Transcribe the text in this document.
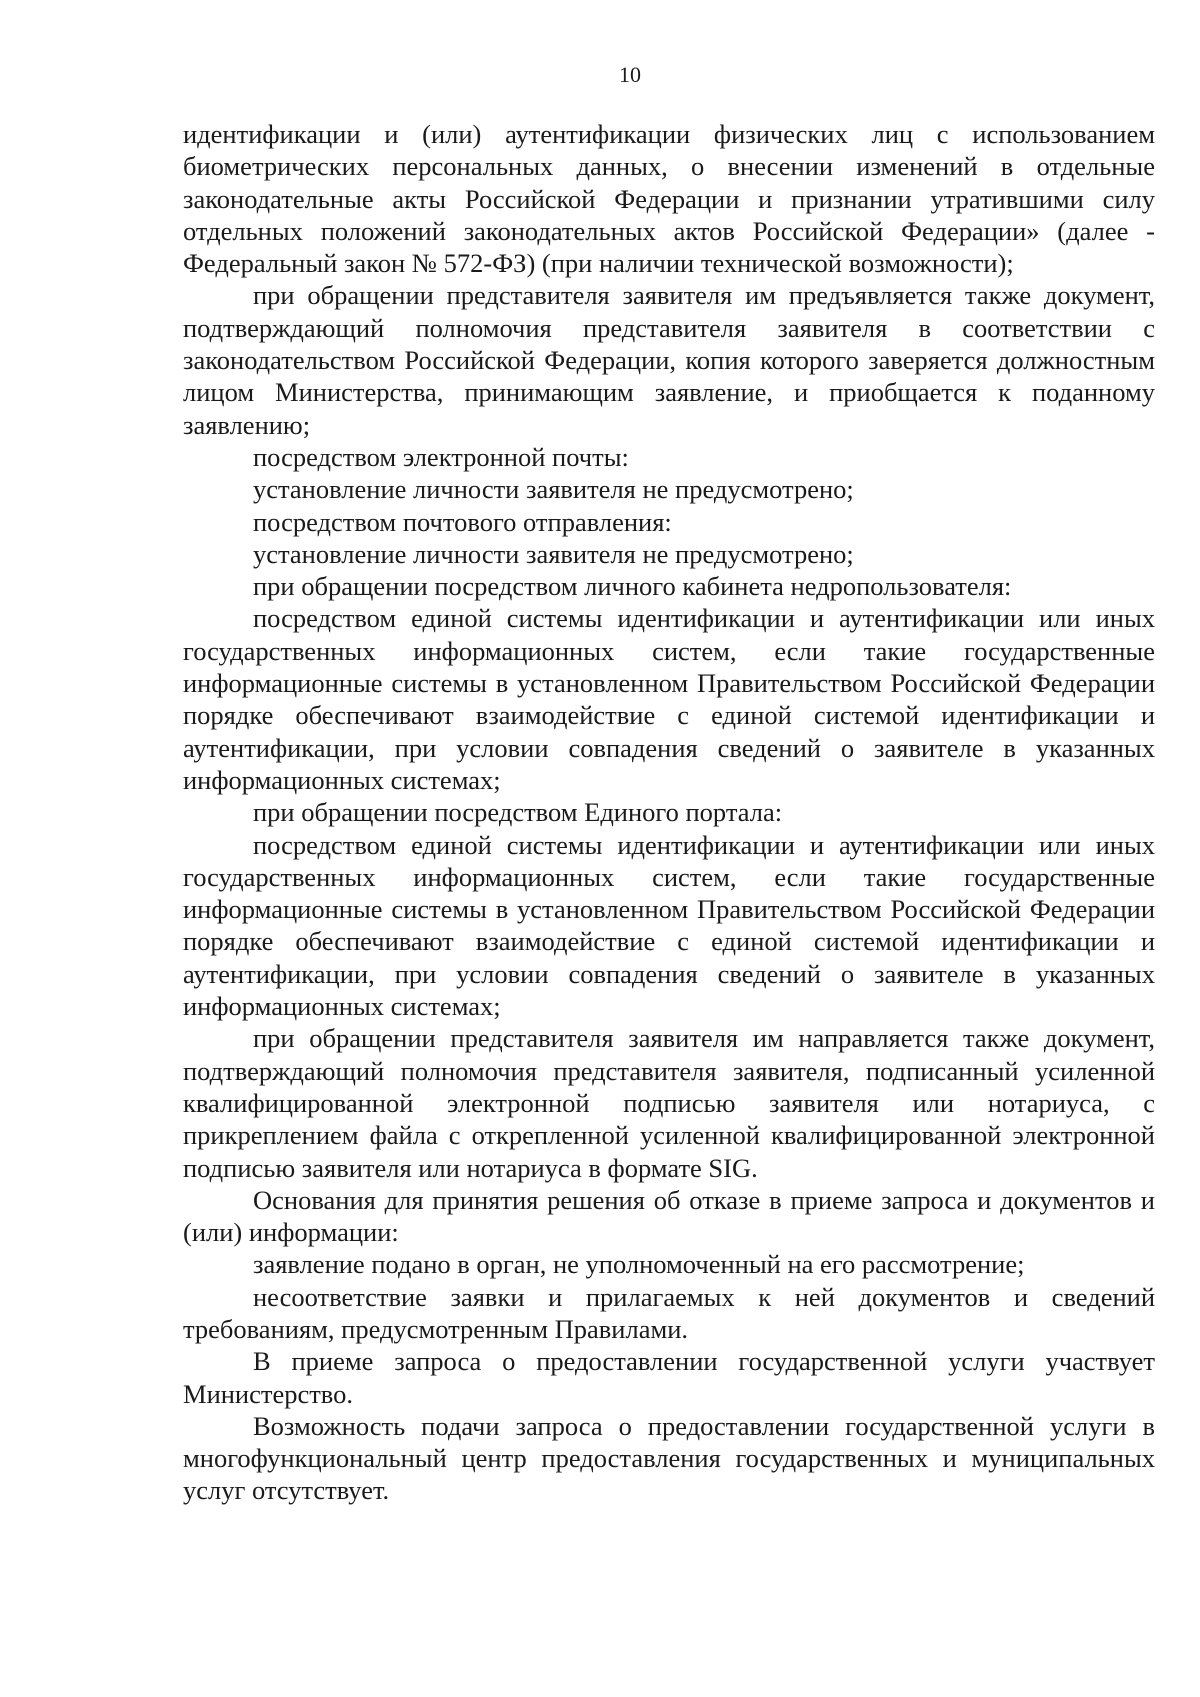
10

идентификации и (или) аутентификации физических лиц с использованием биометрических персональных данных, о внесении изменений в отдельные законодательные акты Российской Федерации и признании утратившими силу отдельных положений законодательных актов Российской Федерации» (далее - Федеральный закон № 572-ФЗ) (при наличии технической возможности);

при обращении представителя заявителя им предъявляется также документ, подтверждающий полномочия представителя заявителя в соответствии с законодательством Российской Федерации, копия которого заверяется должностным лицом Министерства, принимающим заявление, и приобщается к поданному заявлению;

посредством электронной почты:

установление личности заявителя не предусмотрено;

посредством почтового отправления:

установление личности заявителя не предусмотрено;

при обращении посредством личного кабинета недропользователя:

посредством единой системы идентификации и аутентификации или иных государственных информационных систем, если такие государственные информационные системы в установленном Правительством Российской Федерации порядке обеспечивают взаимодействие с единой системой идентификации и аутентификации, при условии совпадения сведений о заявителе в указанных информационных системах;

при обращении посредством Единого портала:

посредством единой системы идентификации и аутентификации или иных государственных информационных систем, если такие государственные информационные системы в установленном Правительством Российской Федерации порядке обеспечивают взаимодействие с единой системой идентификации и аутентификации, при условии совпадения сведений о заявителе в указанных информационных системах;

при обращении представителя заявителя им направляется также документ, подтверждающий полномочия представителя заявителя, подписанный усиленной квалифицированной электронной подписью заявителя или нотариуса, с прикреплением файла с открепленной усиленной квалифицированной электронной подписью заявителя или нотариуса в формате SIG.

Основания для принятия решения об отказе в приеме запроса и документов и (или) информации:

заявление подано в орган, не уполномоченный на его рассмотрение;

несоответствие заявки и прилагаемых к ней документов и сведений требованиям, предусмотренным Правилами.

В приеме запроса о предоставлении государственной услуги участвует Министерство.

Возможность подачи запроса о предоставлении государственной услуги в многофункциональный центр предоставления государственных и муниципальных услуг отсутствует.
